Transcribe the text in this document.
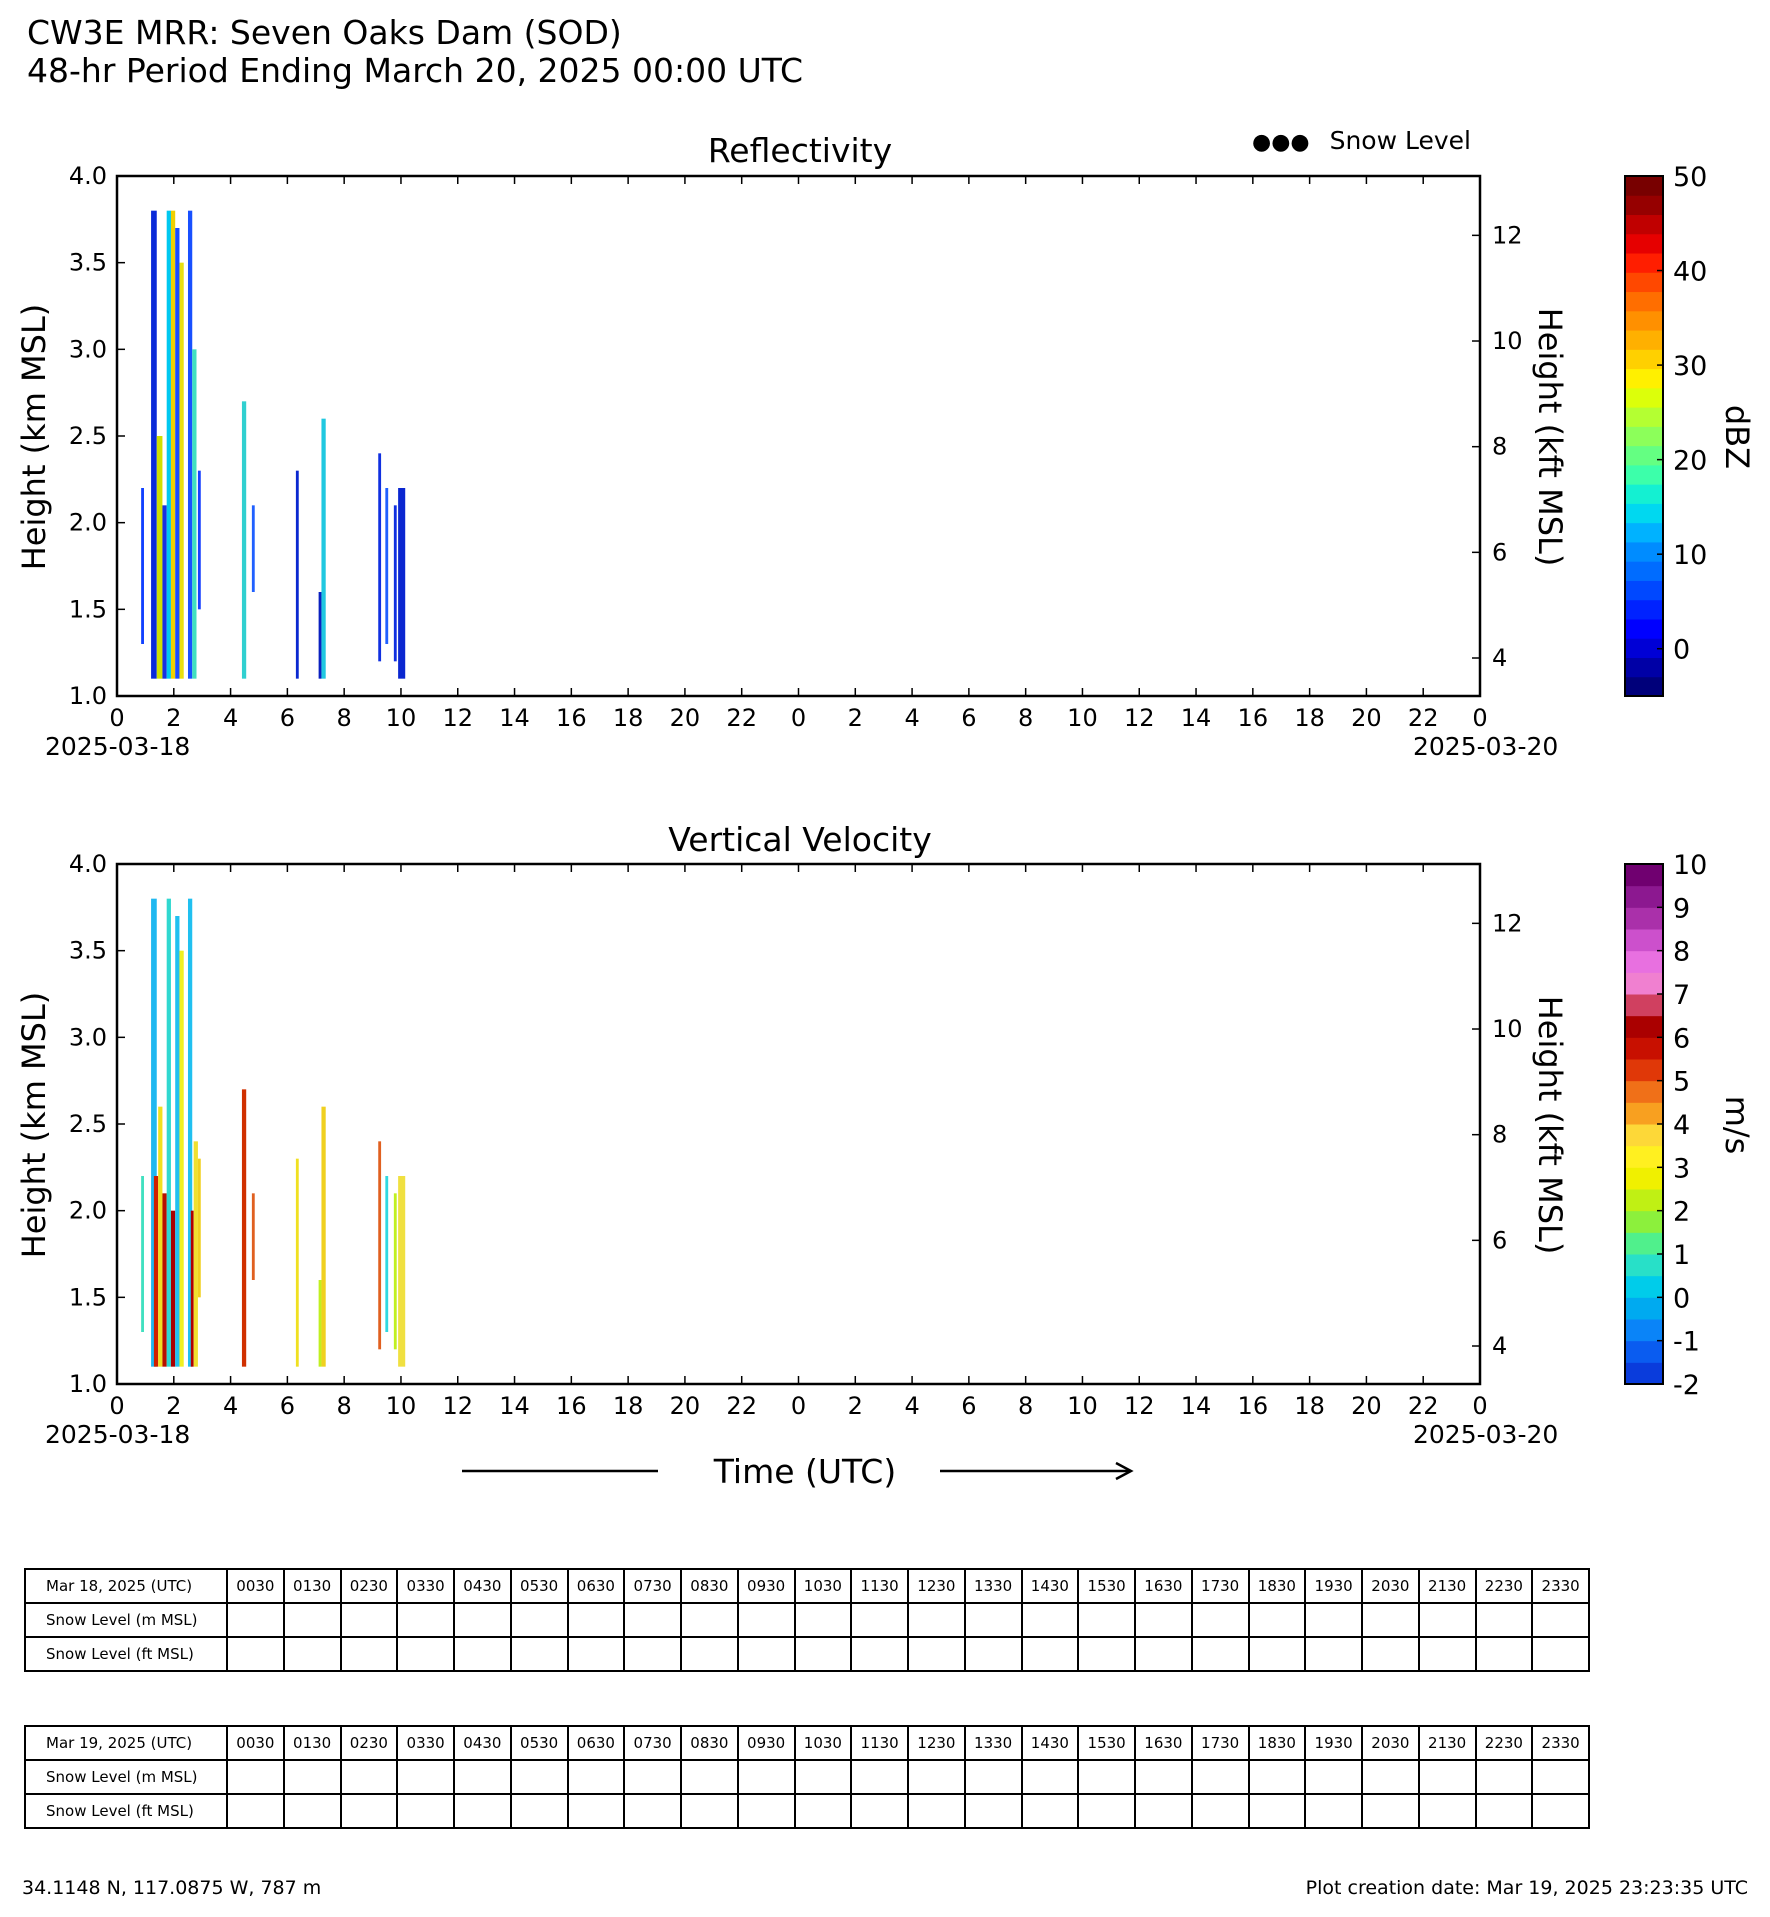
CW3E MRR: Seven Oaks Dam (SOD)
48-hr Period Ending March 20, 2025 00:00 UTC
●●● Snow Level
Reflectivity
0 2 4 6 8 10 12 14 16 18 20 22 0 2 4 6 8 10 12 14 16 18 20 22 0
1.0
1.5
2.0
2.5
3.0
3.5
4.0
4
6
8
10
12
0
10
20
30
40
50
0 2 4 6 8 10 12 14 16 18 20 22 0 2 4 6 8 10 12 14 16 18 20 22 0
1.0
1.5
2.0
2.5
3.0
3.5
4.0
4
6
8
10
12
-2
-1
0
1
2
3
4
5
6
7
8
9
10
Height (km MSL)	Height (kft MSL)
2025-03-18	2025-03-20
dBZ
Vertical Velocity
Height (km MSL)	Height (kft MSL)
2025-03-18	2025-03-20
m/s
Time (UTC)
Mar 18, 2025 (UTC)	0030	0130	0230	0330	0430	0530	0630	0730	0830	0930	1030	1130	1230	1330	1430	1530	1630	1730	1830	1930	2030	2130	2230	2330
Snow Level (m MSL)																								
Snow Level (ft MSL)																								
Mar 19, 2025 (UTC)	0030	0130	0230	0330	0430	0530	0630	0730	0830	0930	1030	1130	1230	1330	1430	1530	1630	1730	1830	1930	2030	2130	2230	2330
Snow Level (m MSL)																								
Snow Level (ft MSL)																								
34.1148 N, 117.0875 W, 787 m	Plot creation date: Mar 19, 2025 23:23:35 UTC
